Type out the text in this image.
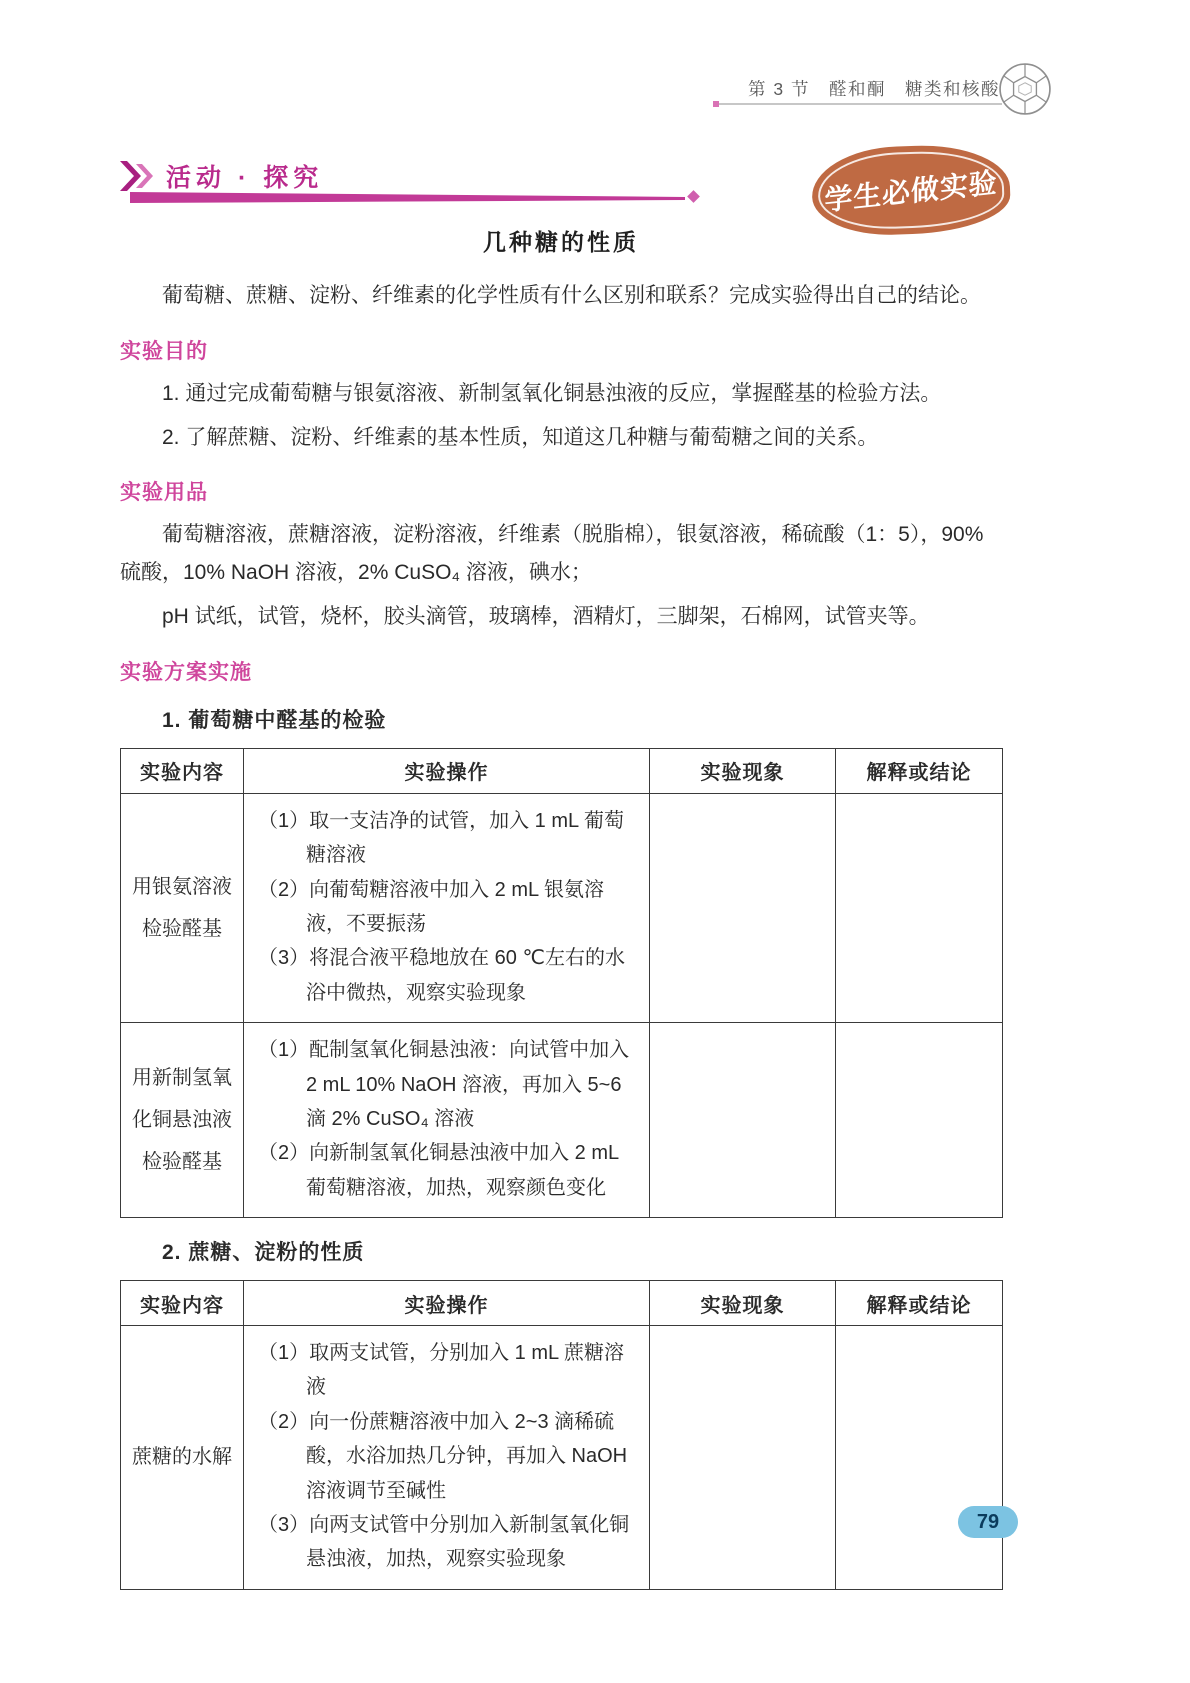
第 3 节　醛和酮　糖类和核酸
活动 · 探究	学生必做实验
几种糖的性质

葡萄糖、蔗糖、淀粉、纤维素的化学性质有什么区别和联系？完成实验得出自己的结论。

实验目的

1. 通过完成葡萄糖与银氨溶液、新制氢氧化铜悬浊液的反应，掌握醛基的检验方法。

2. 了解蔗糖、淀粉、纤维素的基本性质，知道这几种糖与葡萄糖之间的关系。

实验用品

葡萄糖溶液，蔗糖溶液，淀粉溶液，纤维素（脱脂棉），银氨溶液，稀硫酸（1：5），90% 硫酸，10% NaOH 溶液，2% CuSO₄ 溶液，碘水；

pH 试纸，试管，烧杯，胶头滴管，玻璃棒，酒精灯，三脚架，石棉网，试管夹等。

实验方案实施

1. 葡萄糖中醛基的检验

实验内容	实验操作	实验现象	解释或结论
用银氨溶液检验醛基	（1）取一支洁净的试管，加入 1 mL 葡萄糖溶液

（2）向葡萄糖溶液中加入 2 mL 银氨溶液，不要振荡

（3）将混合液平稳地放在 60 ℃左右的水浴中微热，观察实验现象		

用新制氢氧化铜悬浊液检验醛基	（1）配制氢氧化铜悬浊液：向试管中加入 2 mL 10% NaOH 溶液，再加入 5~6 滴 2% CuSO₄ 溶液

（2）向新制氢氧化铜悬浊液中加入 2 mL 葡萄糖溶液，加热，观察颜色变化		

2. 蔗糖、淀粉的性质

实验内容	实验操作	实验现象	解释或结论
蔗糖的水解	（1）取两支试管，分别加入 1 mL 蔗糖溶液

（2）向一份蔗糖溶液中加入 2~3 滴稀硫酸，水浴加热几分钟，再加入 NaOH 溶液调节至碱性

（3）向两支试管中分别加入新制氢氧化铜悬浊液，加热，观察实验现象		

79
